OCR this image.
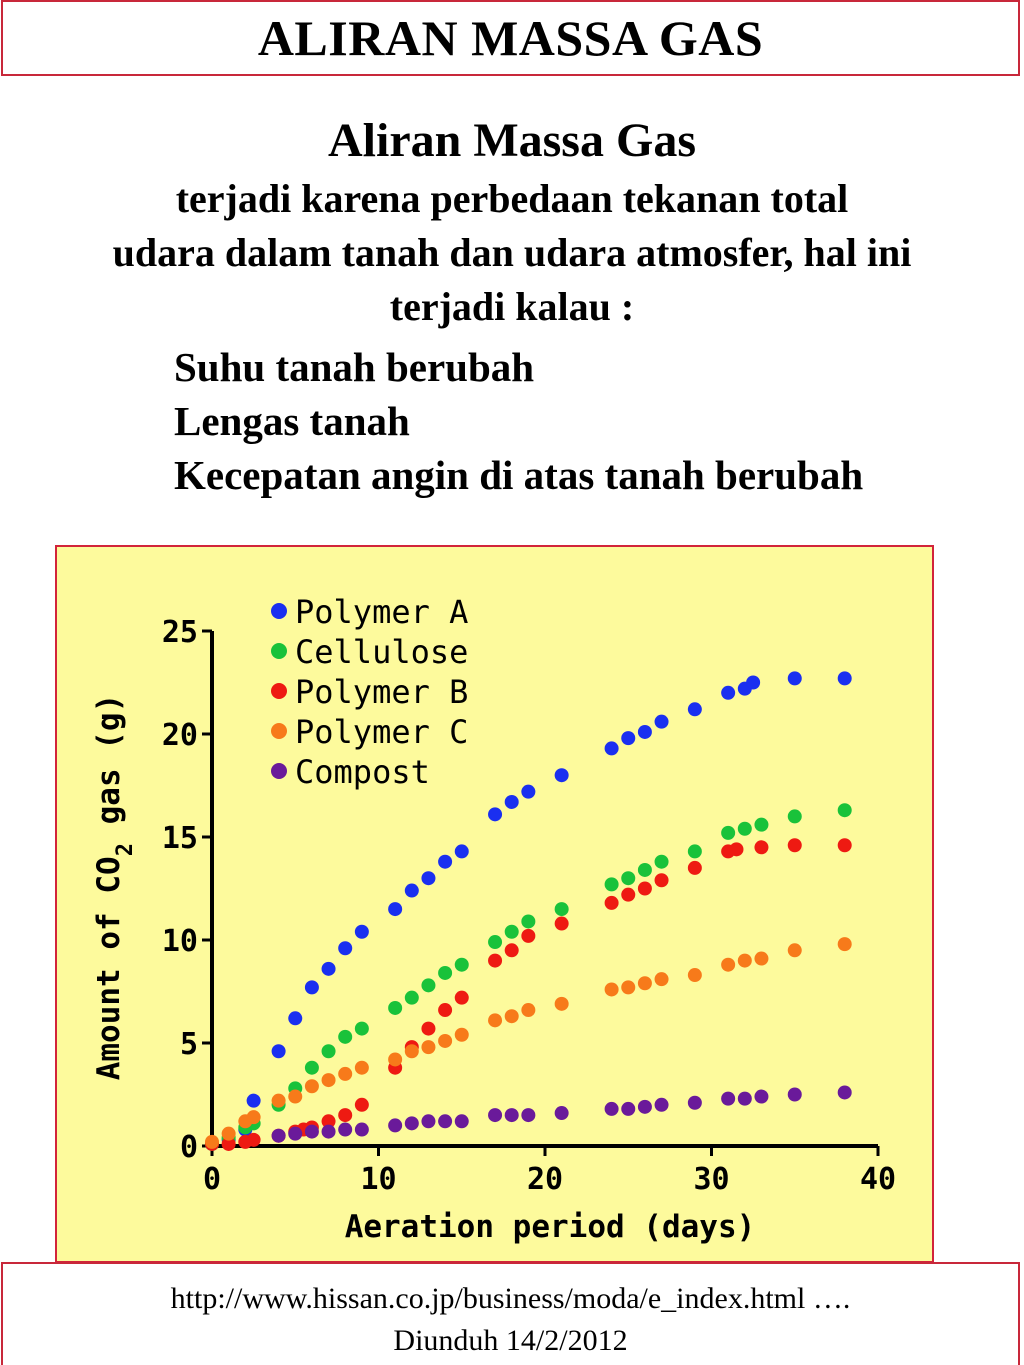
ALIRAN MASSA GAS
Aliran Massa Gas
terjadi karena perbedaan tekanan total
udara dalam tanah dan udara atmosfer, hal ini
terjadi kalau :
Suhu tanah berubah
Lengas tanah
Kecepatan angin di atas tanah berubah
0
5
10
15
20
25
0	10	20	30	40
Polymer A
Cellulose
Polymer B
Polymer C
Compost
Aeration period (days)
Amount of $CO_2$ gas (g)
http://www.hissan.co.jp/business/moda/e_index.html ….
Diunduh 14/2/2012
